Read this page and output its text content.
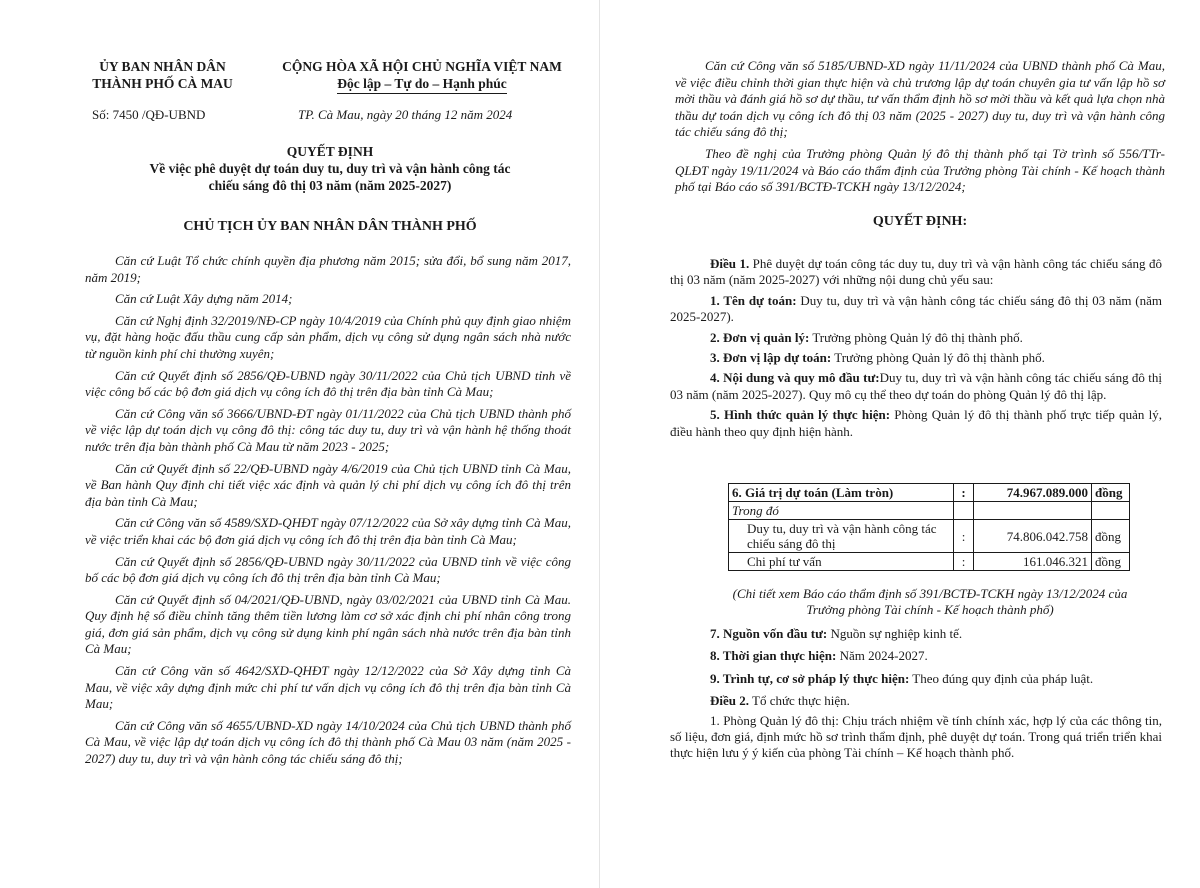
ỦY BAN NHÂN DÂN
THÀNH PHỐ CÀ MAU
CỘNG HÒA XÃ HỘI CHỦ NGHĨA VIỆT NAM
Độc lập – Tự do – Hạnh phúc
Số: 7450 /QĐ-UBND	TP. Cà Mau, ngày 20 tháng 12 năm 2024
QUYẾT ĐỊNH
Về việc phê duyệt dự toán duy tu, duy trì và vận hành công tác
chiếu sáng đô thị 03 năm (năm 2025-2027)
CHỦ TỊCH ỦY BAN NHÂN DÂN THÀNH PHỐ

Căn cứ Luật Tổ chức chính quyền địa phương năm 2015; sửa đổi, bổ sung năm 2017, năm 2019;

Căn cứ Luật Xây dựng năm 2014;

Căn cứ Nghị định 32/2019/NĐ-CP ngày 10/4/2019 của Chính phủ quy định giao nhiệm vụ, đặt hàng hoặc đấu thầu cung cấp sản phẩm, dịch vụ công sử dụng ngân sách nhà nước từ nguồn kinh phí chi thường xuyên;

Căn cứ Quyết định số 2856/QĐ-UBND ngày 30/11/2022 của Chủ tịch UBND tỉnh về việc công bố các bộ đơn giá dịch vụ công ích đô thị trên địa bàn tỉnh Cà Mau;

Căn cứ Công văn số 3666/UBND-ĐT ngày 01/11/2022 của Chủ tịch UBND thành phố về việc lập dự toán dịch vụ công đô thị: công tác duy tu, duy trì và vận hành hệ thống thoát nước trên địa bàn thành phố Cà Mau từ năm 2023 - 2025;

Căn cứ Quyết định số 22/QĐ-UBND ngày 4/6/2019 của Chủ tịch UBND tỉnh Cà Mau, về Ban hành Quy định chi tiết việc xác định và quản lý chi phí dịch vụ công ích đô thị trên địa bàn tỉnh Cà Mau;

Căn cứ Công văn số 4589/SXD-QHĐT ngày 07/12/2022 của Sở xây dựng tỉnh Cà Mau, về việc triển khai các bộ đơn giá dịch vụ công ích đô thị trên địa bàn tỉnh Cà Mau;

Căn cứ Quyết định số 2856/QĐ-UBND ngày 30/11/2022 của UBND tỉnh về việc công bố các bộ đơn giá dịch vụ công ích đô thị trên địa bàn tỉnh Cà Mau;

Căn cứ Quyết định số 04/2021/QĐ-UBND, ngày 03/02/2021 của UBND tỉnh Cà Mau. Quy định hệ số điều chỉnh tăng thêm tiền lương làm cơ sở xác định chi phí nhân công trong giá, đơn giá sản phẩm, dịch vụ công sử dụng kinh phí ngân sách nhà nước trên địa bàn tỉnh Cà Mau;

Căn cứ Công văn số 4642/SXD-QHĐT ngày 12/12/2022 của Sở Xây dựng tỉnh Cà Mau, về việc xây dựng định mức chi phí tư vấn dịch vụ công ích đô thị trên địa bàn tỉnh Cà Mau;

Căn cứ Công văn số 4655/UBND-XD ngày 14/10/2024 của Chủ tịch UBND thành phố Cà Mau, về việc lập dự toán dịch vụ công ích đô thị thành phố Cà Mau 03 năm (năm 2025 - 2027) duy tu, duy trì và vận hành công tác chiếu sáng đô thị;

Căn cứ Công văn số 5185/UBND-XD ngày 11/11/2024 của UBND thành phố Cà Mau, về việc điều chỉnh thời gian thực hiện và chủ trương lập dự toán chuyên gia tư vấn lập hồ sơ mời thầu và đánh giá hồ sơ dự thầu, tư vấn thẩm định hồ sơ mời thầu và kết quả lựa chọn nhà thầu dự toán dịch vụ công ích đô thị 03 năm (2025 - 2027) duy tu, duy trì và vận hành công tác chiếu sáng đô thị;

Theo đề nghị của Trưởng phòng Quản lý đô thị thành phố tại Tờ trình số 556/TTr-QLĐT ngày 19/11/2024 và Báo cáo thẩm định của Trưởng phòng Tài chính - Kế hoạch thành phố tại Báo cáo số 391/BCTĐ-TCKH ngày 13/12/2024;

QUYẾT ĐỊNH:

Điều 1. Phê duyệt dự toán công tác duy tu, duy trì và vận hành công tác chiếu sáng đô thị 03 năm (năm 2025-2027) với những nội dung chủ yếu sau:

1. Tên dự toán: Duy tu, duy trì và vận hành công tác chiếu sáng đô thị 03 năm (năm 2025-2027).

2. Đơn vị quản lý: Trưởng phòng Quản lý đô thị thành phố.

3. Đơn vị lập dự toán: Trưởng phòng Quản lý đô thị thành phố.

4. Nội dung và quy mô đầu tư:Duy tu, duy trì và vận hành công tác chiếu sáng đô thị 03 năm (năm 2025-2027). Quy mô cụ thể theo dự toán do phòng Quản lý đô thị lập.

5. Hình thức quản lý thực hiện: Phòng Quản lý đô thị thành phố trực tiếp quản lý, điều hành theo quy định hiện hành.

6. Giá trị dự toán (Làm tròn)	:	74.967.089.000	đồng
Trong đó			
Duy tu, duy trì và vận hành công tác chiếu sáng đô thị	:	74.806.042.758	đồng
Chi phí tư vấn	:	161.046.321	đồng
(Chi tiết xem Báo cáo thẩm định số 391/BCTĐ-TCKH ngày 13/12/2024 của Trưởng phòng Tài chính - Kế hoạch thành phố)

7. Nguồn vốn đầu tư: Nguồn sự nghiệp kinh tế.

8. Thời gian thực hiện: Năm 2024-2027.

9. Trình tự, cơ sở pháp lý thực hiện: Theo đúng quy định của pháp luật.

Điều 2. Tổ chức thực hiện.

1. Phòng Quản lý đô thị: Chịu trách nhiệm về tính chính xác, hợp lý của các thông tin, số liệu, đơn giá, định mức hồ sơ trình thẩm định, phê duyệt dự toán. Trong quá triển triển khai thực hiện lưu ý ý kiến của phòng Tài chính – Kế hoạch thành phố.
